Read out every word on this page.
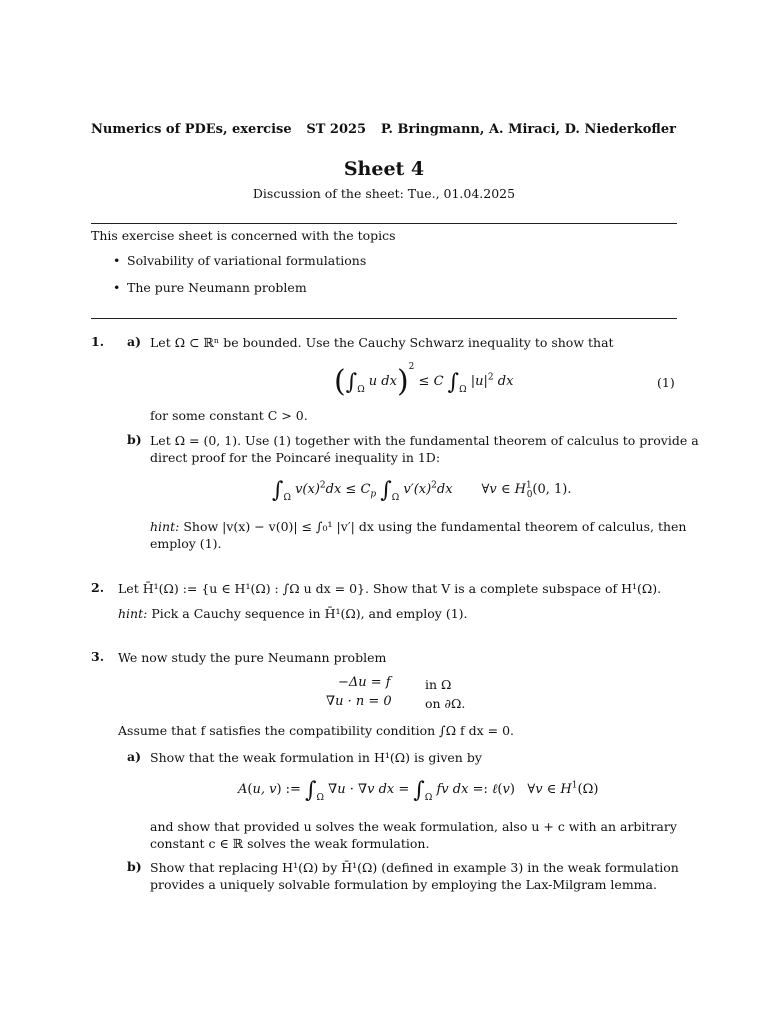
Numerics of PDEs, exercise ST 2025 P. Bringmann, A. Miraci, D. Niederkofler
Sheet 4
Discussion of the sheet: Tue., 01.04.2025
This exercise sheet is concerned with the topics
• Solvability of variational formulations
• The pure Neumann problem
1. a) Let Ω ⊂ ℝⁿ be bounded. Use the Cauchy Schwarz inequality to show that
($\int_\Omega$ u dx)$^2$ ≤ C $\int_\Omega$ $|u|^2$ dx	(1)
for some constant C > 0.
b) Let Ω = (0, 1). Use (1) together with the fundamental theorem of calculus to provide a
direct proof for the Poincaré inequality in 1D:
$\int_\Omega$ $v(x)^2dx \le C_p$ $\int_\Omega$ $v'(x)^2dx$       ∀v ∈ $H^1_0(0$, 1).
hint: Show |v(x) − v(0)| ≤ ∫₀¹ |v′| dx using the fundamental theorem of calculus, then
employ (1).
2. Let H̄¹(Ω) := {u ∈ H¹(Ω) : ∫Ω u dx = 0}. Show that V is a complete subspace of H¹(Ω).
hint: Pick a Cauchy sequence in H̄¹(Ω), and employ (1).
3. We now study the pure Neumann problem
−Δu = f	in Ω
∇u · n = 0	on ∂Ω.
Assume that f satisfies the compatibility condition ∫Ω f dx = 0.
a) Show that the weak formulation in H¹(Ω) is given by
A(u, v) := $\int_\Omega$ ∇u · ∇v dx = $\int_\Omega$ fv dx =: ℓ(v) ∀v ∈ $H^1(\Omega)$
and show that provided u solves the weak formulation, also u + c with an arbitrary
constant c ∈ ℝ solves the weak formulation.
b) Show that replacing H¹(Ω) by H̄¹(Ω) (defined in example 3) in the weak formulation
provides a uniquely solvable formulation by employing the Lax-Milgram lemma.
